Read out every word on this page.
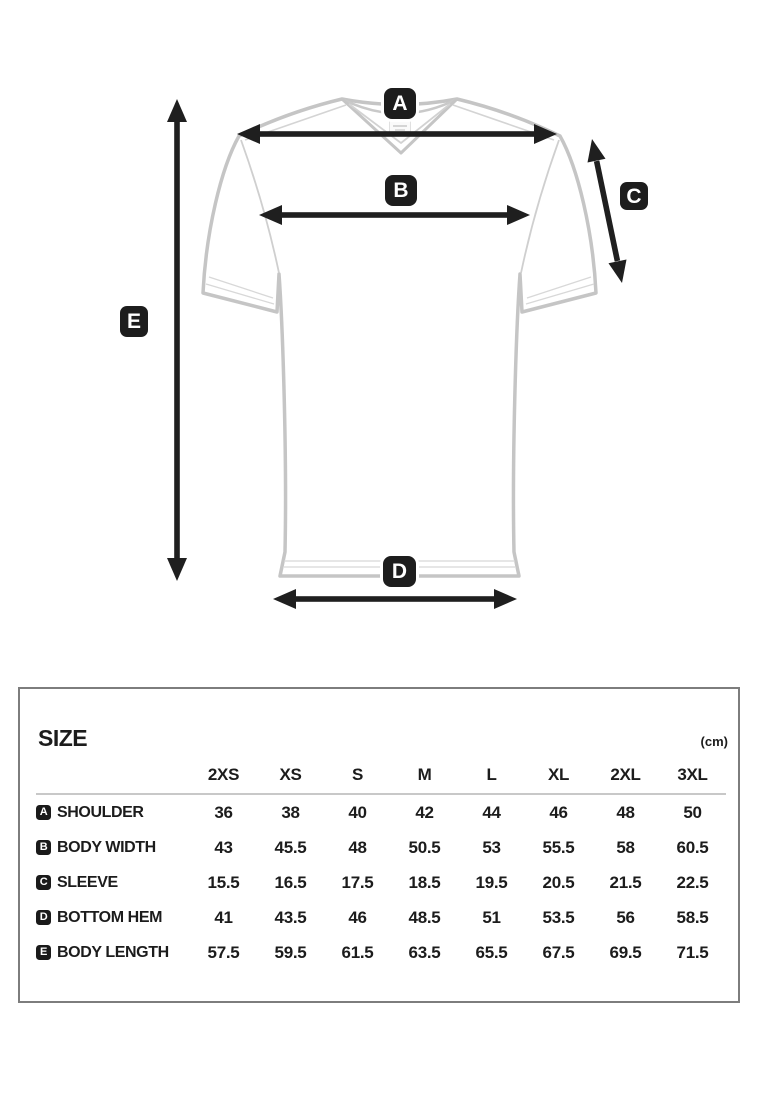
A
B	C
D
E
SIZE	(cm)
2XS	XS	S	M	L	XL	2XL	3XL
A SHOULDER	36	38	40	42	44	46	48	50
B BODY WIDTH	43	45.5	48	50.5	53	55.5	58	60.5
C SLEEVE	15.5	16.5	17.5	18.5	19.5	20.5	21.5	22.5
D BOTTOM HEM	41	43.5	46	48.5	51	53.5	56	58.5
E BODY LENGTH	57.5	59.5	61.5	63.5	65.5	67.5	69.5	71.5
